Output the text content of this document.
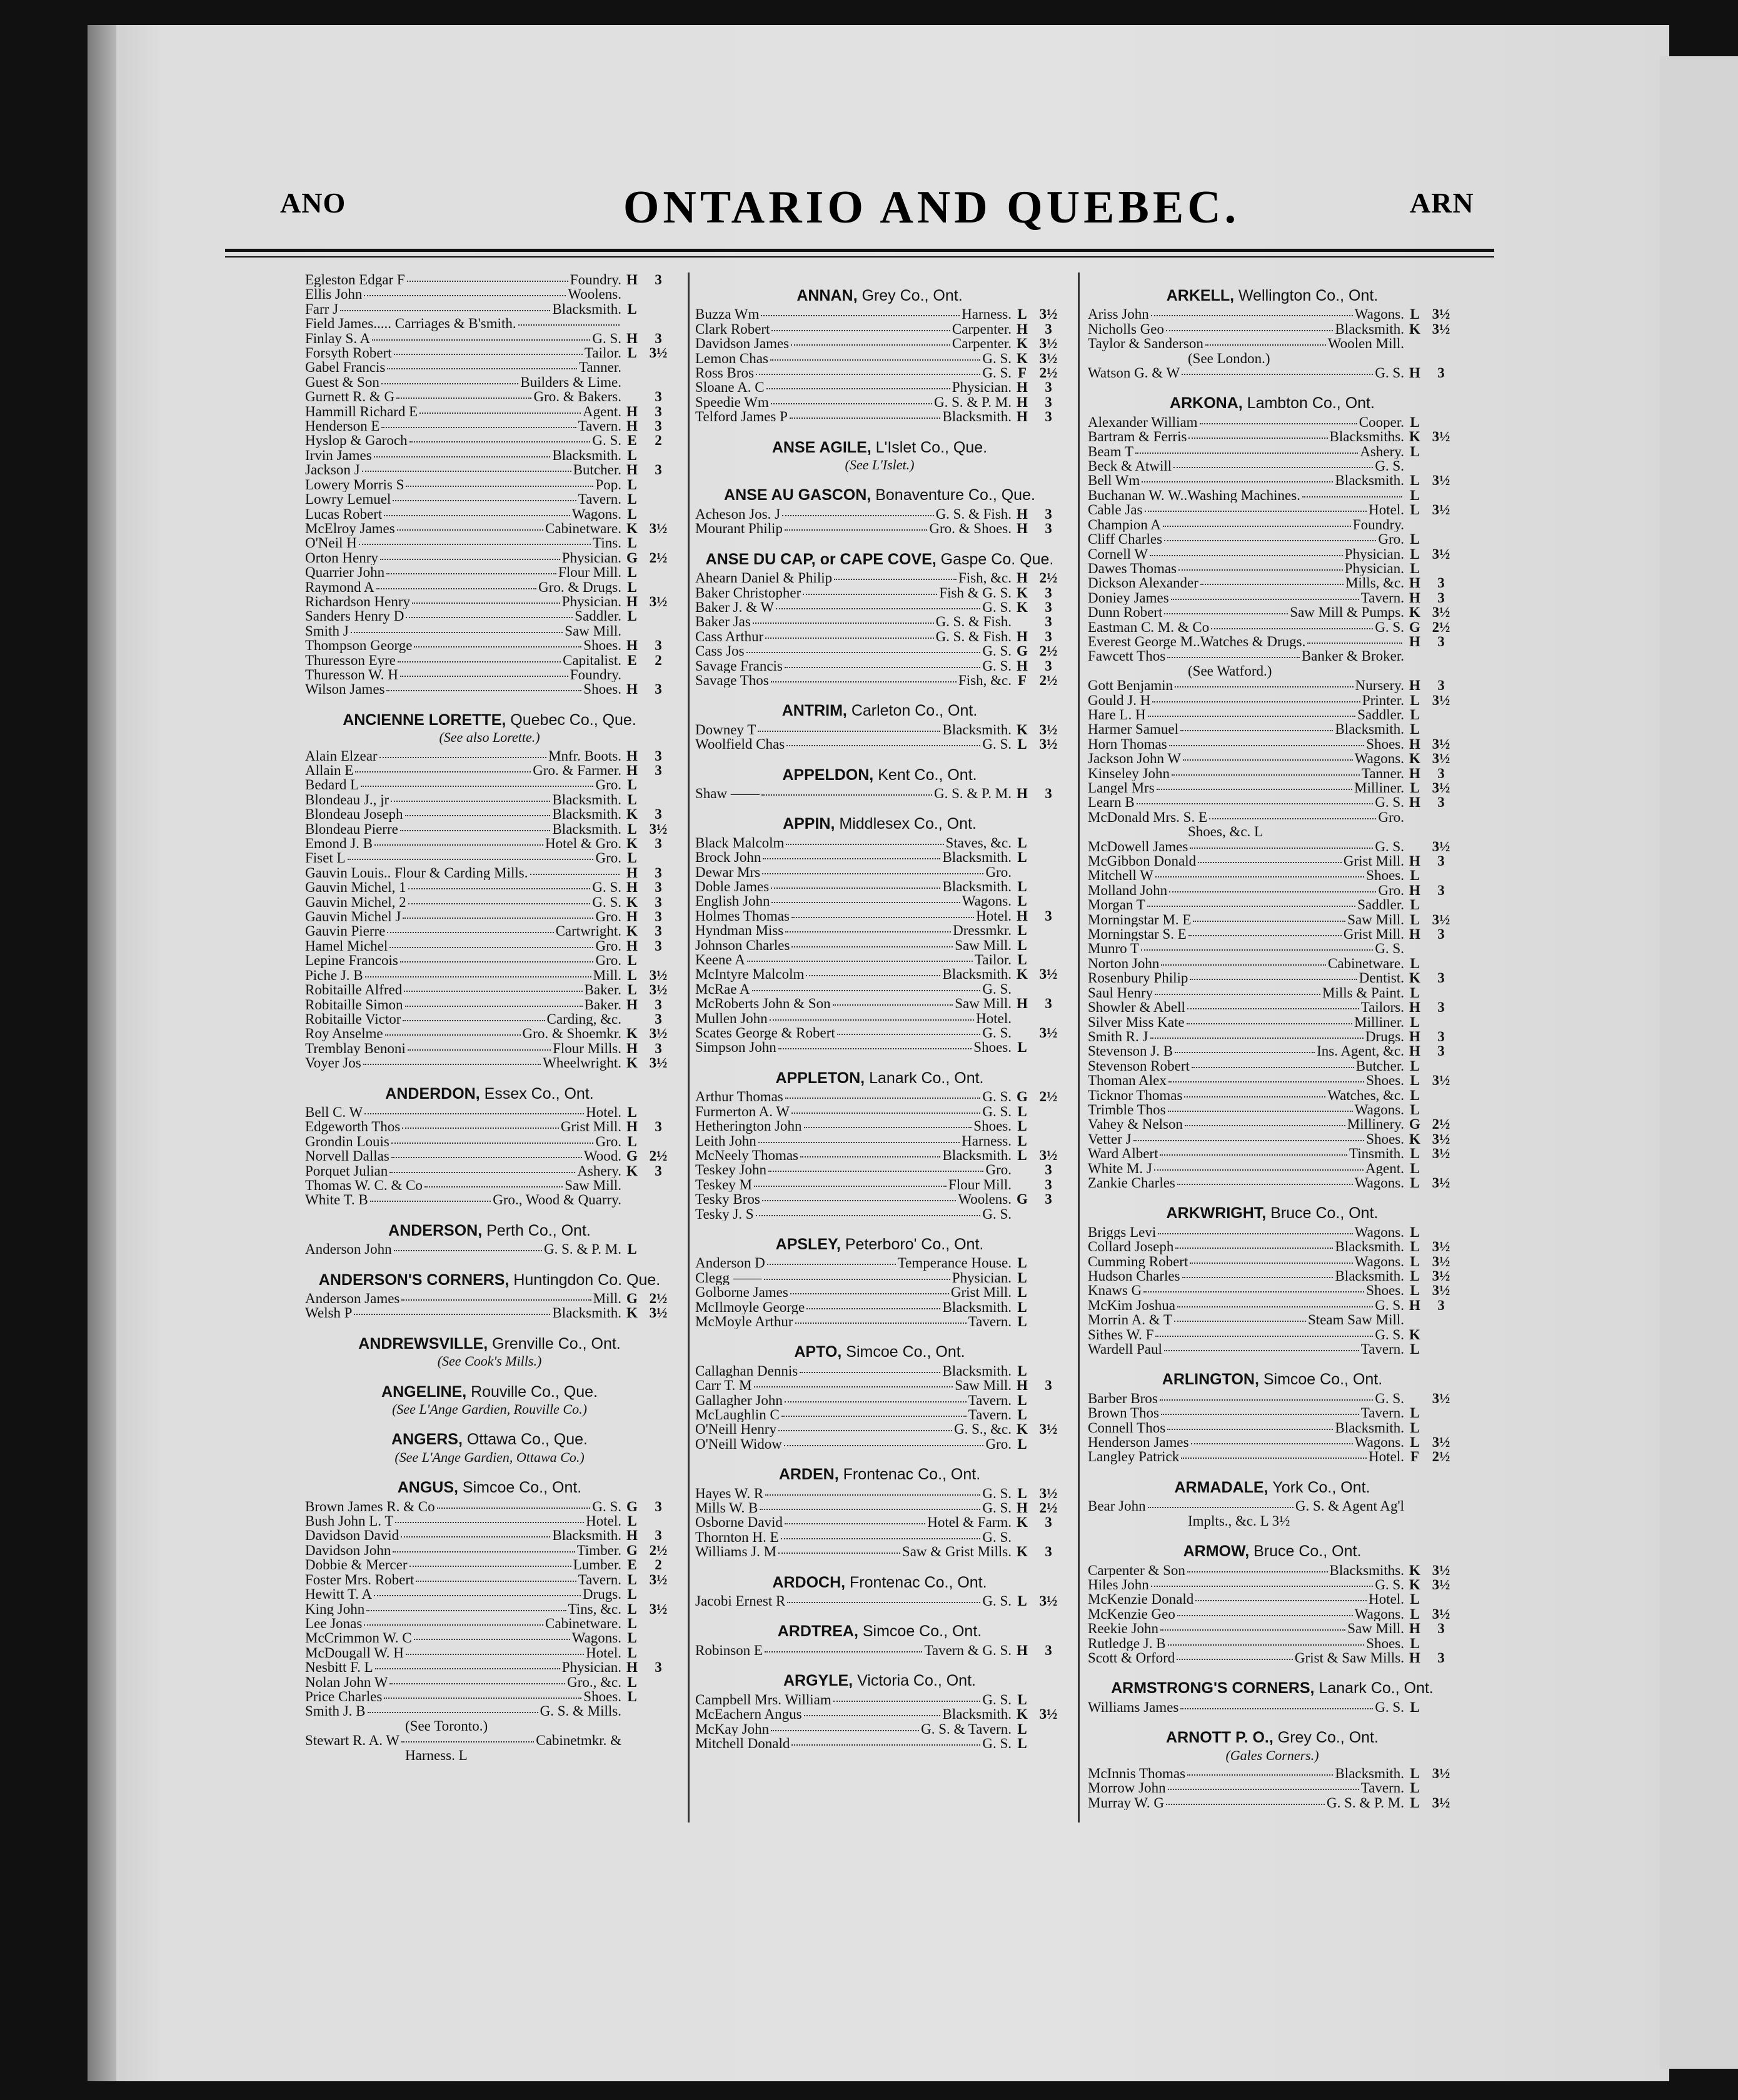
ANO	ONTARIO AND QUEBEC.	ARN
Egleston Edgar F	Foundry. H	3
Ellis John	Woolens.
Farr J	Blacksmith. L
Field James..... Carriages & B'smith.
Finlay S. A	G. S. H	3
Forsyth Robert	Tailor. L 3½
Gabel Francis	Tanner.
Guest & Son	Builders & Lime.
Gurnett R. & G	Gro. & Bakers.	3
Hammill Richard E	Agent. H	3
Henderson E	Tavern. H	3
Hyslop & Garoch	G. S. E	2
Irvin James	Blacksmith. L
Jackson J	Butcher. H	3
Lowery Morris S	Pop. L
Lowry Lemuel	Tavern. L
Lucas Robert	Wagons. L
McElroy James	Cabinetware. K 3½
O'Neil H	Tins. L
Orton Henry	Physician. G 2½
Quarrier John	Flour Mill. L
Raymond A	Gro. & Drugs. L
Richardson Henry	Physician. H 3½
Sanders Henry D	Saddler. L
Smith J	Saw Mill.
Thompson George	Shoes. H	3
Thuresson Eyre	Capitalist. E	2
Thuresson W. H	Foundry.
Wilson James	Shoes. H	3
ANCIENNE LORETTE, Quebec Co., Que.
(See also Lorette.)
Alain Elzear	Mnfr. Boots. H	3
Allain E	Gro. & Farmer. H	3
Bedard L	Gro. L
Blondeau J., jr	Blacksmith. L
Blondeau Joseph	Blacksmith. K	3
Blondeau Pierre	Blacksmith. L 3½
Emond J. B	Hotel & Gro. K	3
Fiset L	Gro. L
Gauvin Louis.. Flour & Carding Mills.	H	3
Gauvin Michel, 1	G. S. H	3
Gauvin Michel, 2	G. S. K	3
Gauvin Michel J	Gro. H	3
Gauvin Pierre	Cartwright. K	3
Hamel Michel	Gro. H	3
Lepine Francois	Gro. L
Piche J. B	Mill. L 3½
Robitaille Alfred	Baker. L 3½
Robitaille Simon	Baker. H	3
Robitaille Victor	Carding, &c.	3
Roy Anselme	Gro. & Shoemkr. K 3½
Tremblay Benoni	Flour Mills. H	3
Voyer Jos	Wheelwright. K 3½
ANDERDON, Essex Co., Ont.
Bell C. W	Hotel. L
Edgeworth Thos	Grist Mill. H	3
Grondin Louis	Gro. L
Norvell Dallas	Wood. G 2½
Porquet Julian	Ashery. K	3
Thomas W. C. & Co	Saw Mill.
White T. B	Gro., Wood & Quarry.
ANDERSON, Perth Co., Ont.
Anderson John	G. S. & P. M. L
ANDERSON'S CORNERS, Huntingdon Co. Que.
Anderson James	Mill. G 2½
Welsh P	Blacksmith. K 3½
ANDREWSVILLE, Grenville Co., Ont.
(See Cook's Mills.)
ANGELINE, Rouville Co., Que.
(See L'Ange Gardien, Rouville Co.)
ANGERS, Ottawa Co., Que.
(See L'Ange Gardien, Ottawa Co.)
ANGUS, Simcoe Co., Ont.
Brown James R. & Co	G. S. G	3
Bush John L. T	Hotel. L
Davidson David	Blacksmith. H	3
Davidson John	Timber. G 2½
Dobbie & Mercer	Lumber. E	2
Foster Mrs. Robert	Tavern. L 3½
Hewitt T. A	Drugs. L
King John	Tins, &c. L 3½
Lee Jonas	Cabinetware. L
McCrimmon W. C	Wagons. L
McDougall W. H	Hotel. L
Nesbitt F. L	Physician. H	3
Nolan John W	Gro., &c. L
Price Charles	Shoes. L
Smith J. B	G. S. & Mills.
(See Toronto.)
Stewart R. A. W	Cabinetmkr. &
Harness. L
ANNAN, Grey Co., Ont.
Buzza Wm	Harness. L 3½
Clark Robert	Carpenter. H	3
Davidson James	Carpenter. K 3½
Lemon Chas	G. S. K 3½
Ross Bros	G. S. F 2½
Sloane A. C	Physician. H	3
Speedie Wm	G. S. & P. M. H	3
Telford James P	Blacksmith. H	3
ANSE AGILE, L'Islet Co., Que.
(See L'Islet.)
ANSE AU GASCON, Bonaventure Co., Que.
Acheson Jos. J	G. S. & Fish. H	3
Mourant Philip	Gro. & Shoes. H	3
ANSE DU CAP, or CAPE COVE, Gaspe Co. Que.
Ahearn Daniel & Philip	Fish, &c. H 2½
Baker Christopher	Fish & G. S. K	3
Baker J. & W	G. S. K	3
Baker Jas	G. S. & Fish.	3
Cass Arthur	G. S. & Fish. H	3
Cass Jos	G. S. G 2½
Savage Francis	G. S. H	3
Savage Thos	Fish, &c. F 2½
ANTRIM, Carleton Co., Ont.
Downey T	Blacksmith. K 3½
Woolfield Chas	G. S. L 3½
APPELDON, Kent Co., Ont.
Shaw ——	G. S. & P. M. H	3
APPIN, Middlesex Co., Ont.
Black Malcolm	Staves, &c. L
Brock John	Blacksmith. L
Dewar Mrs	Gro.
Doble James	Blacksmith. L
English John	Wagons. L
Holmes Thomas	Hotel. H	3
Hyndman Miss	Dressmkr. L
Johnson Charles	Saw Mill. L
Keene A	Tailor. L
McIntyre Malcolm	Blacksmith. K 3½
McRae A	G. S.
McRoberts John & Son	Saw Mill. H	3
Mullen John	Hotel.
Scates George & Robert	G. S.	3½
Simpson John	Shoes. L
APPLETON, Lanark Co., Ont.
Arthur Thomas	G. S. G 2½
Furmerton A. W	G. S. L
Hetherington John	Shoes. L
Leith John	Harness. L
McNeely Thomas	Blacksmith. L 3½
Teskey John	Gro.	3
Teskey M	Flour Mill.	3
Tesky Bros	Woolens. G	3
Tesky J. S	G. S.
APSLEY, Peterboro' Co., Ont.
Anderson D	Temperance House. L
Clegg ——	Physician. L
Golborne James	Grist Mill. L
McIlmoyle George	Blacksmith. L
McMoyle Arthur	Tavern. L
APTO, Simcoe Co., Ont.
Callaghan Dennis	Blacksmith. L
Carr T. M	Saw Mill. H	3
Gallagher John	Tavern. L
McLaughlin C	Tavern. L
O'Neill Henry	G. S., &c. K 3½
O'Neill Widow	Gro. L
ARDEN, Frontenac Co., Ont.
Hayes W. R	G. S. L 3½
Mills W. B	G. S. H 2½
Osborne David	Hotel & Farm. K	3
Thornton H. E	G. S.
Williams J. M	Saw & Grist Mills. K	3
ARDOCH, Frontenac Co., Ont.
Jacobi Ernest R	G. S. L 3½
ARDTREA, Simcoe Co., Ont.
Robinson E	Tavern & G. S. H	3
ARGYLE, Victoria Co., Ont.
Campbell Mrs. William	G. S. L
McEachern Angus	Blacksmith. K 3½
McKay John	G. S. & Tavern. L
Mitchell Donald	G. S. L
ARKELL, Wellington Co., Ont.
Ariss John	Wagons. L 3½
Nicholls Geo	Blacksmith. K 3½
Taylor & Sanderson	Woolen Mill.
(See London.)
Watson G. & W	G. S. H	3
ARKONA, Lambton Co., Ont.
Alexander William	Cooper. L
Bartram & Ferris	Blacksmiths. K 3½
Beam T	Ashery. L
Beck & Atwill	G. S.
Bell Wm	Blacksmith. L 3½
Buchanan W. W..Washing Machines.	L
Cable Jas	Hotel. L 3½
Champion A	Foundry.
Cliff Charles	Gro. L
Cornell W	Physician. L 3½
Dawes Thomas	Physician. L
Dickson Alexander	Mills, &c. H	3
Doniey James	Tavern. H	3
Dunn Robert	Saw Mill & Pumps. K 3½
Eastman C. M. & Co	G. S. G 2½
Everest George M..Watches & Drugs.	H	3
Fawcett Thos	Banker & Broker.
(See Watford.)
Gott Benjamin	Nursery. H	3
Gould J. H	Printer. L 3½
Hare L. H	Saddler. L
Harmer Samuel	Blacksmith. L
Horn Thomas	Shoes. H 3½
Jackson John W	Wagons. K 3½
Kinseley John	Tanner. H	3
Langel Mrs	Milliner. L 3½
Learn B	G. S. H	3
McDonald Mrs. S. E	Gro.
Shoes, &c. L
McDowell James	G. S.	3½
McGibbon Donald	Grist Mill. H	3
Mitchell W	Shoes. L
Molland John	Gro. H	3
Morgan T	Saddler. L
Morningstar M. E	Saw Mill. L 3½
Morningstar S. E	Grist Mill. H	3
Munro T	G. S.
Norton John	Cabinetware. L
Rosenbury Philip	Dentist. K	3
Saul Henry	Mills & Paint. L
Showler & Abell	Tailors. H	3
Silver Miss Kate	Milliner. L
Smith R. J	Drugs. H	3
Stevenson J. B	Ins. Agent, &c. H	3
Stevenson Robert	Butcher. L
Thoman Alex	Shoes. L 3½
Ticknor Thomas	Watches, &c. L
Trimble Thos	Wagons. L
Vahey & Nelson	Millinery. G 2½
Vetter J	Shoes. K 3½
Ward Albert	Tinsmith. L 3½
White M. J	Agent. L
Zankie Charles	Wagons. L 3½
ARKWRIGHT, Bruce Co., Ont.
Briggs Levi	Wagons. L
Collard Joseph	Blacksmith. L 3½
Cumming Robert	Wagons. L 3½
Hudson Charles	Blacksmith. L 3½
Knaws G	Shoes. L 3½
McKim Joshua	G. S. H	3
Morrin A. & T	Steam Saw Mill.
Sithes W. F	G. S. K
Wardell Paul	Tavern. L
ARLINGTON, Simcoe Co., Ont.
Barber Bros	G. S.	3½
Brown Thos	Tavern. L
Connell Thos	Blacksmith. L
Henderson James	Wagons. L 3½
Langley Patrick	Hotel. F 2½
ARMADALE, York Co., Ont.
Bear John	G. S. & Agent Ag'l
Implts., &c. L 3½
ARMOW, Bruce Co., Ont.
Carpenter & Son	Blacksmiths. K 3½
Hiles John	G. S. K 3½
McKenzie Donald	Hotel. L
McKenzie Geo	Wagons. L 3½
Reekie John	Saw Mill. H	3
Rutledge J. B	Shoes. L
Scott & Orford	Grist & Saw Mills. H	3
ARMSTRONG'S CORNERS, Lanark Co., Ont.
Williams James	G. S. L
ARNOTT P. O., Grey Co., Ont.
(Gales Corners.)
McInnis Thomas	Blacksmith. L 3½
Morrow John	Tavern. L
Murray W. G	G. S. & P. M. L 3½
